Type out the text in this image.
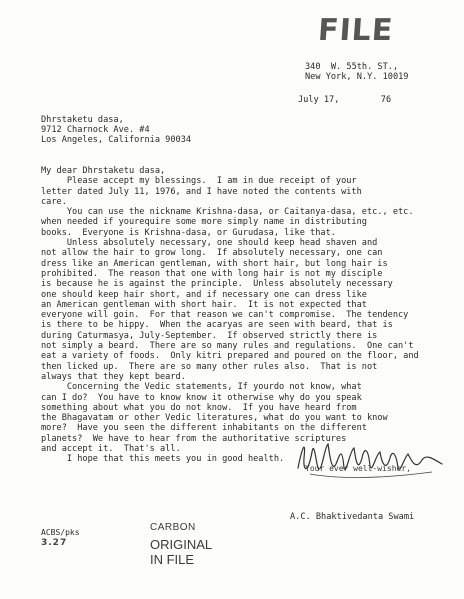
FILE
340  W. 55th. ST.,
New York, N.Y. 10019
July 17,        76
Dhrstaketu dasa,
9712 Charnock Ave. #4
Los Angeles, California 90034
My dear Dhrstaketu dasa,
Please accept my blessings.  I am in due receipt of your
letter dated July 11, 1976, and I have noted the contents with
care.
You can use the nickname Krishna-dasa, or Caitanya-dasa, etc., etc.
when needed if yourequire some more simply name in distributing
books.  Everyone is Krishna-dasa, or Gurudasa, like that.
Unless absolutely necessary, one should keep head shaven and
not allow the hair to grow long.  If absolutely necessary, one can
dress like an American gentleman, with short hair, but long hair is
prohibited.  The reason that one with long hair is not my disciple
is because he is against the principle.  Unless absolutely necessary
one should keep hair short, and if necessary one can dress like
an American gentleman with short hair.  It is not expected that
everyone will goin.  For that reason we can't compromise.  The tendency
is there to be hippy.  When the acaryas are seen with beard, that is
during Caturmasya, July-September.  If observed strictly there is
not simply a beard.  There are so many rules and regulations.  One can't
eat a variety of foods.  Only kitri prepared and poured on the floor, and
then licked up.  There are so many other rules also.  That is not
always that they kept beard.
Concerning the Vedic statements, If yourdo not know, what
can I do?  You have to know know it otherwise why do you speak
something about what you do not know.  If you have heard from
the Bhagavatam or other Vedic literatures, what do you want to know
more?  Have you seen the different inhabitants on the different
planets?  We have to hear from the authoritative scriptures
and accept it.  That's all.
I hope that this meets you in good health.
Your ever well-wisher,
A.C. Bhaktivedanta Swami
ACBS/pks
3.27
CARBON
ORIGINAL
IN FILE
